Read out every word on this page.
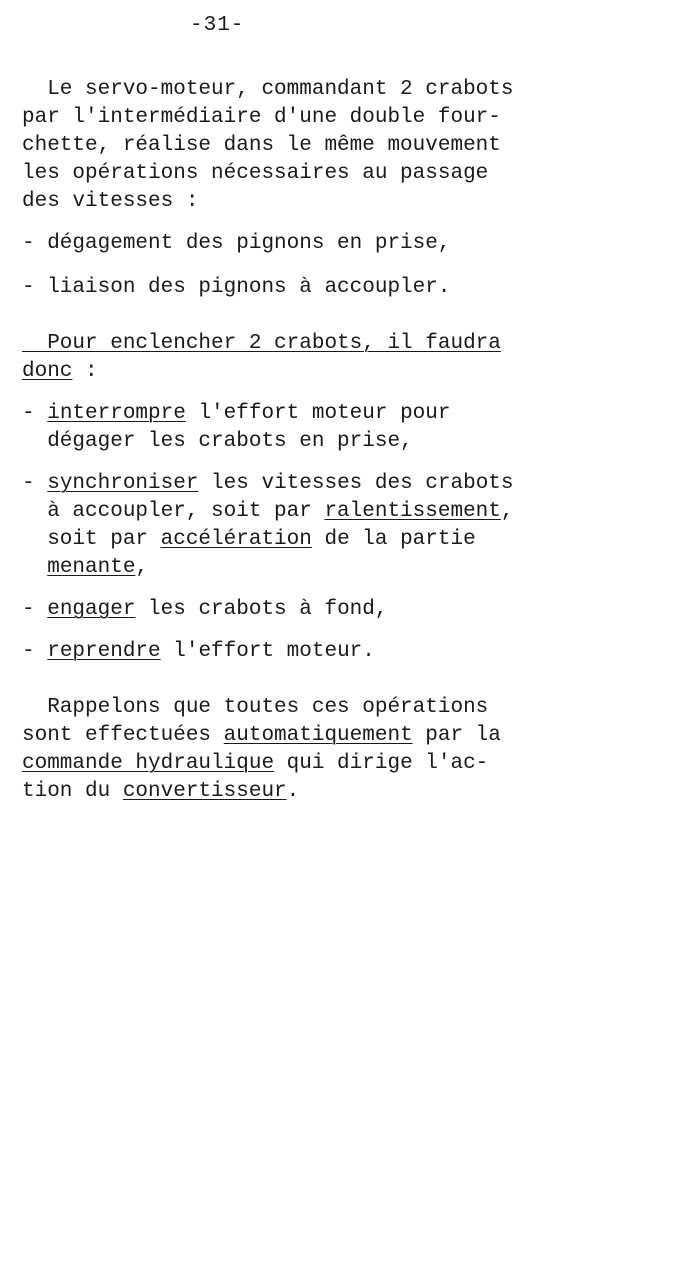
-31-
Le servo-moteur, commandant 2 crabots
par l'intermédiaire d'une double four-
chette, réalise dans le même mouvement
les opérations nécessaires au passage
des vitesses :
- dégagement des pignons en prise,
- liaison des pignons à accoupler.
Pour enclencher 2 crabots, il faudra
donc :
- interrompre l'effort moteur pour
dégager les crabots en prise,
- synchroniser les vitesses des crabots
à accoupler, soit par ralentissement,
soit par accélération de la partie
menante,
- engager les crabots à fond,
- reprendre l'effort moteur.
Rappelons que toutes ces opérations
sont effectuées automatiquement par la
commande hydraulique qui dirige l'ac-
tion du convertisseur.
